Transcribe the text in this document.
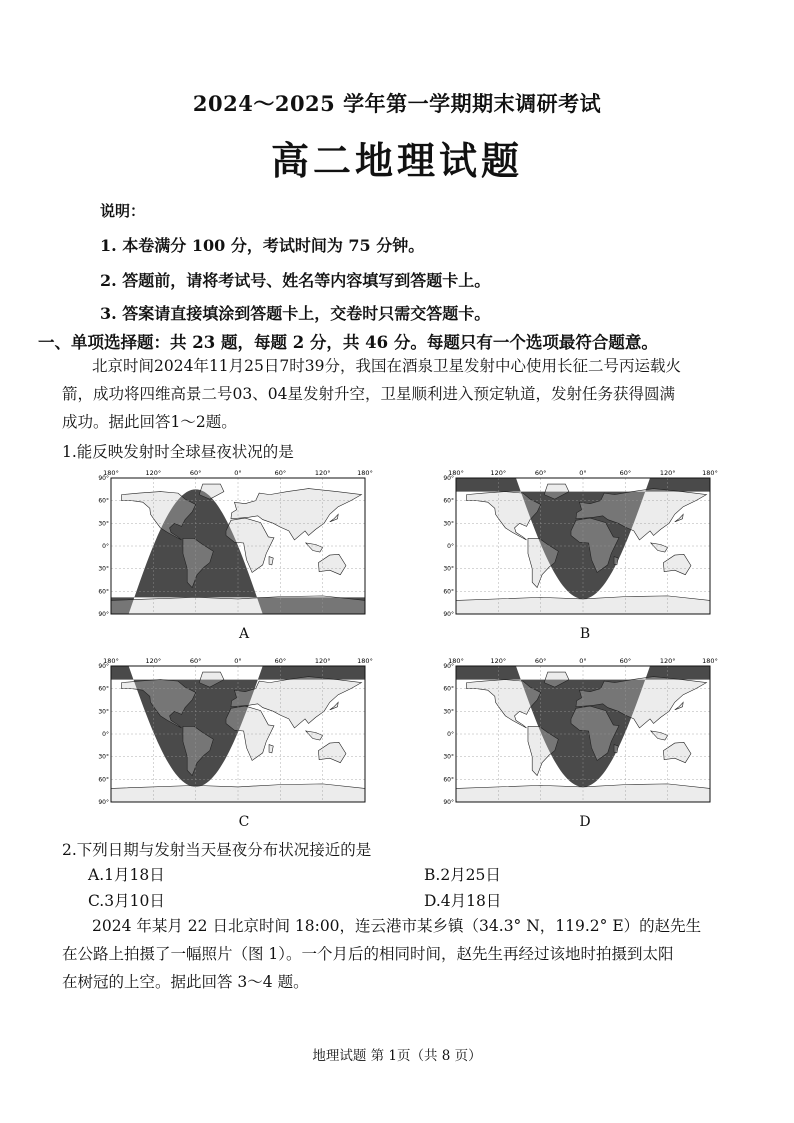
2024～2025 学年第一学期期末调研考试
高二地理试题
说明：
1. 本卷满分 100 分，考试时间为 75 分钟。
2. 答题前，请将考试号、姓名等内容填写到答题卡上。
3. 答案请直接填涂到答题卡上，交卷时只需交答题卡。
一、单项选择题：共 23 题，每题 2 分，共 46 分。每题只有一个选项最符合题意。
北京时间2024年11月25日7时39分，我国在酒泉卫星发射中心使用长征二号丙运载火
箭，成功将四维高景二号03、04星发射升空，卫星顺利进入预定轨道，发射任务获得圆满
成功。据此回答1～2题。
1.能反映发射时全球昼夜状况的是
180°	120°	60°	0°	60°	120°	180°
90°
60°
30°
0°
30°
60°
90°
A
180°	120°	60°	0°	60°	120°	180°
90°
60°
30°
0°
30°
60°
90°
B
180°	120°	60°	0°	60°	120°	180°
90°
60°
30°
0°
30°
60°
90°
C
180°	120°	60°	0°	60°	120°	180°
90°
60°
30°
0°
30°
60°
90°
D
2.下列日期与发射当天昼夜分布状况接近的是
A.1月18日	B.2月25日
C.3月10日	D.4月18日
2024 年某月 22 日北京时间 18:00，连云港市某乡镇（34.3° N，119.2° E）的赵先生
在公路上拍摄了一幅照片（图 1）。一个月后的相同时间，赵先生再经过该地时拍摄到太阳
在树冠的上空。据此回答 3～4 题。
地理试题 第 1页（共 8 页）
